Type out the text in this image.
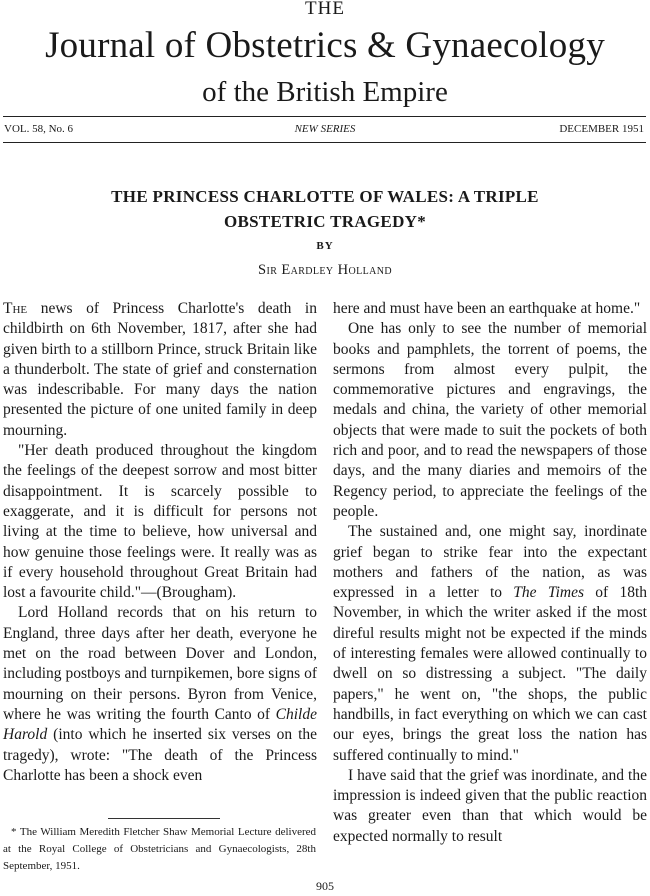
THE
Journal of Obstetrics & Gynaecology
of the British Empire
VOL. 58, No. 6	NEW SERIES	DECEMBER 1951
THE PRINCESS CHARLOTTE OF WALES: A TRIPLE
OBSTETRIC TRAGEDY*
BY
Sir Eardley Holland

The news of Princess Charlotte's death in childbirth on 6th November, 1817, after she had given birth to a stillborn Prince, struck Britain like a thunderbolt. The state of grief and consternation was indescribable. For many days the nation presented the picture of one united family in deep mourning.

"Her death produced throughout the kingdom the feelings of the deepest sorrow and most bitter disappointment. It is scarcely possible to exaggerate, and it is difficult for persons not living at the time to believe, how universal and how genuine those feelings were. It really was as if every household throughout Great Britain had lost a favourite child."—(Brougham).

Lord Holland records that on his return to England, three days after her death, everyone he met on the road between Dover and London, including postboys and turnpikemen, bore signs of mourning on their persons. Byron from Venice, where he was writing the fourth Canto of Childe Harold (into which he inserted six verses on the tragedy), wrote: "The death of the Princess Charlotte has been a shock even

here and must have been an earthquake at home."

One has only to see the number of memorial books and pamphlets, the torrent of poems, the sermons from almost every pulpit, the commemorative pictures and engravings, the medals and china, the variety of other memorial objects that were made to suit the pockets of both rich and poor, and to read the newspapers of those days, and the many diaries and memoirs of the Regency period, to appreciate the feelings of the people.

The sustained and, one might say, inordinate grief began to strike fear into the expectant mothers and fathers of the nation, as was expressed in a letter to The Times of 18th November, in which the writer asked if the most direful results might not be expected if the minds of interesting females were allowed continually to dwell on so distressing a subject. "The daily papers," he went on, "the shops, the public handbills, in fact everything on which we can cast our eyes, brings the great loss the nation has suffered continually to mind."

I have said that the grief was inordinate, and the impression is indeed given that the public reaction was greater even than that which would be expected normally to result

* The William Meredith Fletcher Shaw Memorial Lecture delivered at the Royal College of Obstetricians and Gynaecologists, 28th September, 1951.

905
